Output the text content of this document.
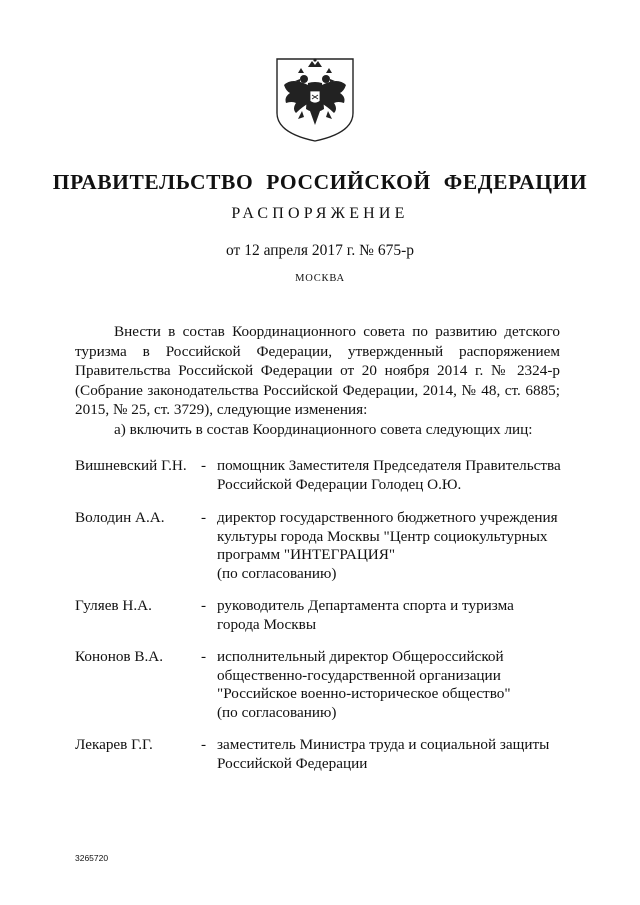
ПРАВИТЕЛЬСТВО РОССИЙСКОЙ ФЕДЕРАЦИИ
РАСПОРЯЖЕНИЕ
от 12 апреля 2017 г. № 675-р
МОСКВА

Внести в состав Координационного совета по развитию детского туризма в Российской Федерации, утвержденный распоряжением Правительства Российской Федерации от 20 ноября 2014 г. № 2324-р (Собрание законодательства Российской Федерации, 2014, № 48, ст. 6885; 2015, № 25, ст. 3729), следующие изменения:

а) включить в состав Координационного совета следующих лиц:

Вишневский Г.Н. - помощник Заместителя Председателя Правительства
Российской Федерации Голодец О.Ю.
Володин А.А. - директор государственного бюджетного учреждения
культуры города Москвы "Центр социокультурных
программ "ИНТЕГРАЦИЯ"
(по согласованию)
Гуляев Н.А.	- руководитель Департамента спорта и туризма
города Москвы
Кононов В.А. - исполнительный директор Общероссийской
общественно-государственной организации
"Российское военно-историческое общество"
(по согласованию)
Лекарев Г.Г.	- заместитель Министра труда и социальной защиты
Российской Федерации
3265720
